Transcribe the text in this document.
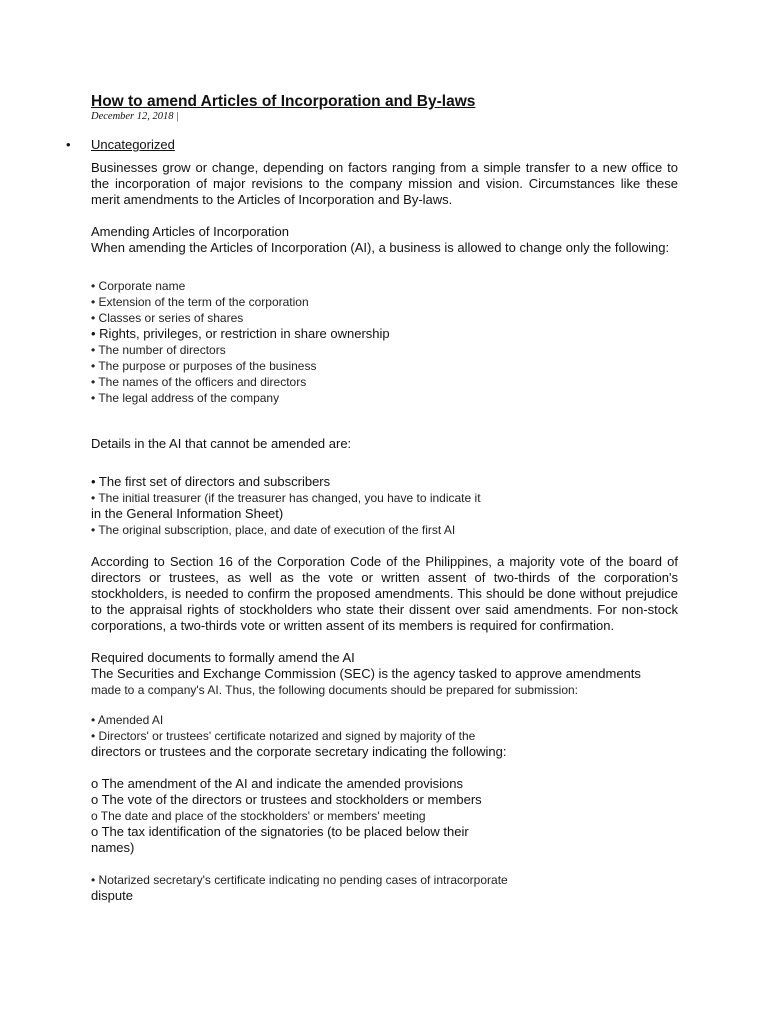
How to amend Articles of Incorporation and By-laws
December 12, 2018 |
• Uncategorized

Businesses grow or change, depending on factors ranging from a simple transfer to a new office to the incorporation of major revisions to the company mission and vision. Circumstances like these merit amendments to the Articles of Incorporation and By-laws.

Amending Articles of Incorporation

When amending the Articles of Incorporation (AI), a business is allowed to change only the following:

• Corporate name

• Extension of the term of the corporation

• Classes or series of shares

• Rights, privileges, or restriction in share ownership

• The number of directors

• The purpose or purposes of the business

• The names of the officers and directors

• The legal address of the company

Details in the AI that cannot be amended are:

• The first set of directors and subscribers

• The initial treasurer (if the treasurer has changed, you have to indicate it

in the General Information Sheet)

• The original subscription, place, and date of execution of the first AI

According to Section 16 of the Corporation Code of the Philippines, a majority vote of the board of directors or trustees, as well as the vote or written assent of two-thirds of the corporation's stockholders, is needed to confirm the proposed amendments. This should be done without prejudice to the appraisal rights of stockholders who state their dissent over said amendments. For non-stock corporations, a two-thirds vote or written assent of its members is required for confirmation.

Required documents to formally amend the AI

The Securities and Exchange Commission (SEC) is the agency tasked to approve amendments

made to a company's AI. Thus, the following documents should be prepared for submission:

• Amended AI

• Directors' or trustees' certificate notarized and signed by majority of the

directors or trustees and the corporate secretary indicating the following:

o The amendment of the AI and indicate the amended provisions

o The vote of the directors or trustees and stockholders or members

o The date and place of the stockholders' or members' meeting

o The tax identification of the signatories (to be placed below their

names)

• Notarized secretary's certificate indicating no pending cases of intracorporate

dispute
